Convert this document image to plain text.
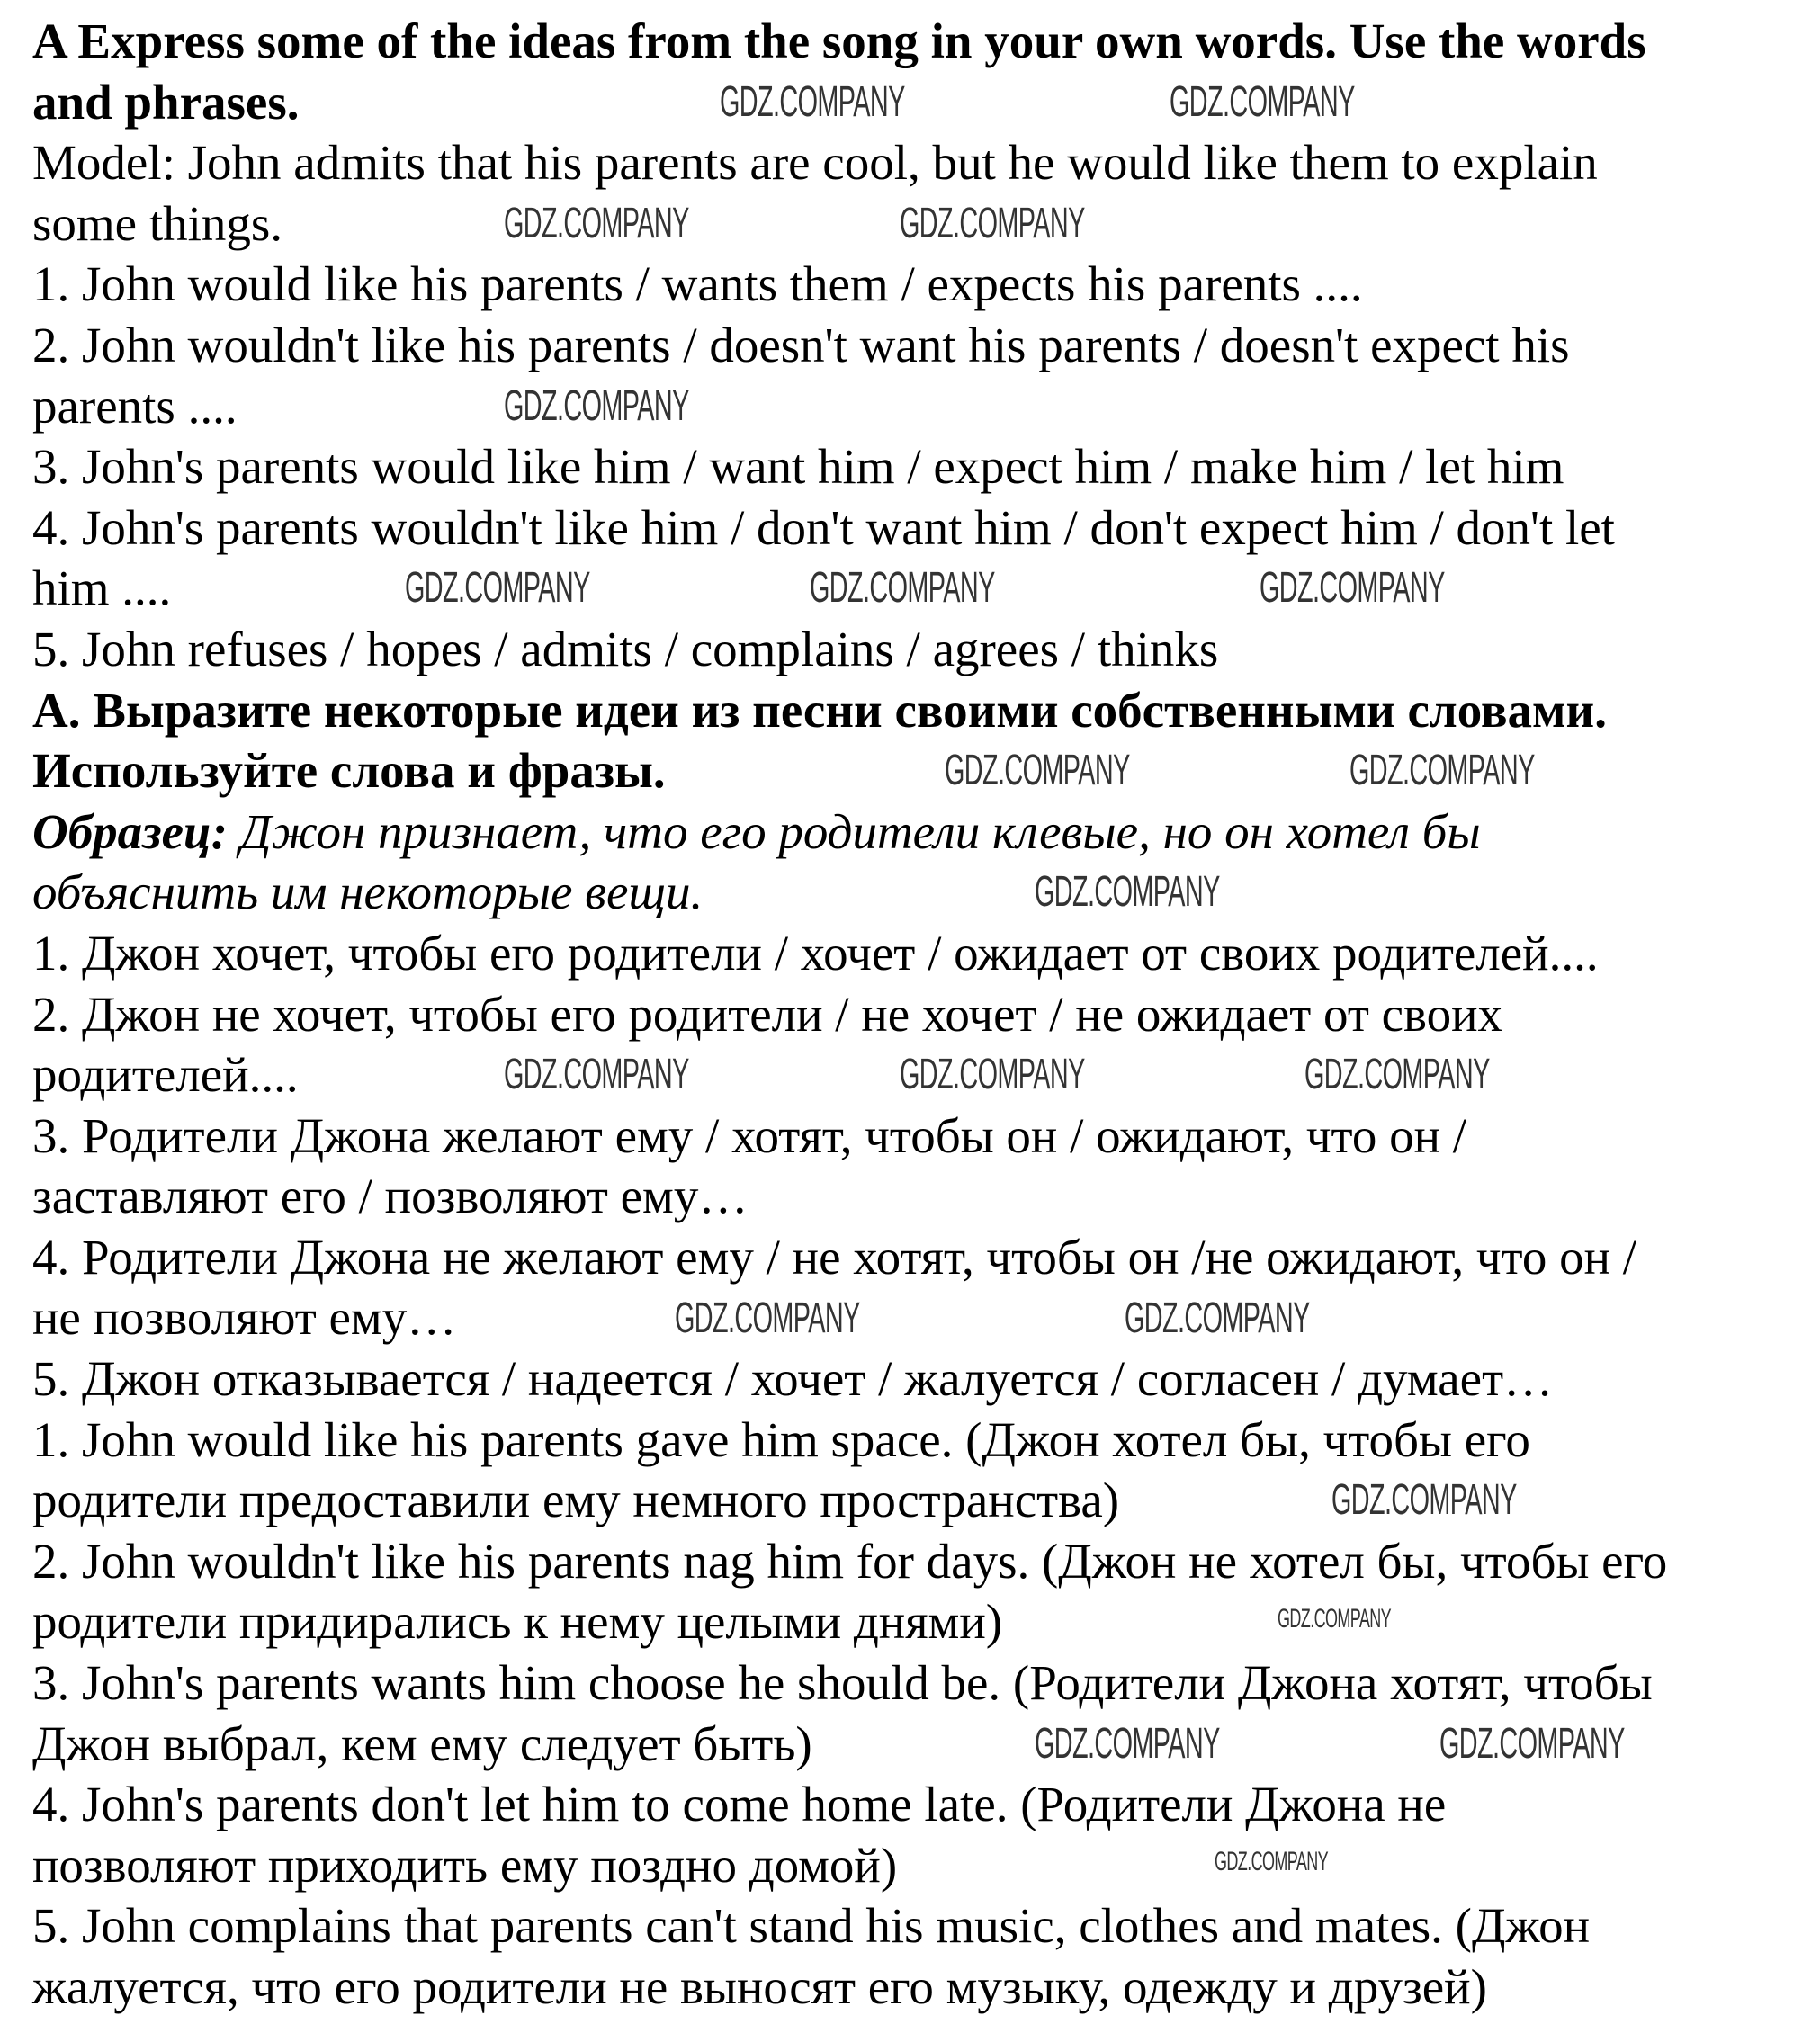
A Express some of the ideas from the song in your own words. Use the words
and phrases.
Model: John admits that his parents are cool, but he would like them to explain
some things.
1. John would like his parents / wants them / expects his parents ....
2. John wouldn't like his parents / doesn't want his parents / doesn't expect his
parents ....
3. John's parents would like him / want him / expect him / make him / let him
4. John's parents wouldn't like him / don't want him / don't expect him / don't let
him ....
5. John refuses / hopes / admits / complains / agrees / thinks
А. Выразите некоторые идеи из песни своими собственными словами.
Используйте слова и фразы.
Образец: Джон признает, что его родители клевые, но он хотел бы
объяснить им некоторые вещи.
1. Джон хочет, чтобы его родители / хочет / ожидает от своих родителей....
2. Джон не хочет, чтобы его родители / не хочет / не ожидает от своих
родителей....
3. Родители Джона желают ему / хотят, чтобы он / ожидают, что он /
заставляют его / позволяют ему…
4. Родители Джона не желают ему / не хотят, чтобы он /не ожидают, что он /
не позволяют ему…
5. Джон отказывается / надеется / хочет / жалуется / согласен / думает…
1. John would like his parents gave him space. (Джон хотел бы, чтобы его
родители предоставили ему немного пространства)
2. John wouldn't like his parents nag him for days. (Джон не хотел бы, чтобы его
родители придирались к нему целыми днями)
3. John's parents wants him choose he should be. (Родители Джона хотят, чтобы
Джон выбрал, кем ему следует быть)
4. John's parents don't let him to come home late. (Родители Джона не
позволяют приходить ему поздно домой)
5. John complains that parents can't stand his music, clothes and mates. (Джон
жалуется, что его родители не выносят его музыку, одежду и друзей)
GDZ.COMPANY	GDZ.COMPANY
GDZ.COMPANY	GDZ.COMPANY
GDZ.COMPANY
GDZ.COMPANY	GDZ.COMPANY	GDZ.COMPANY
GDZ.COMPANY	GDZ.COMPANY
GDZ.COMPANY
GDZ.COMPANY	GDZ.COMPANY	GDZ.COMPANY
GDZ.COMPANY	GDZ.COMPANY
GDZ.COMPANY
GDZ.COMPANY
GDZ.COMPANY	GDZ.COMPANY
GDZ.COMPANY
